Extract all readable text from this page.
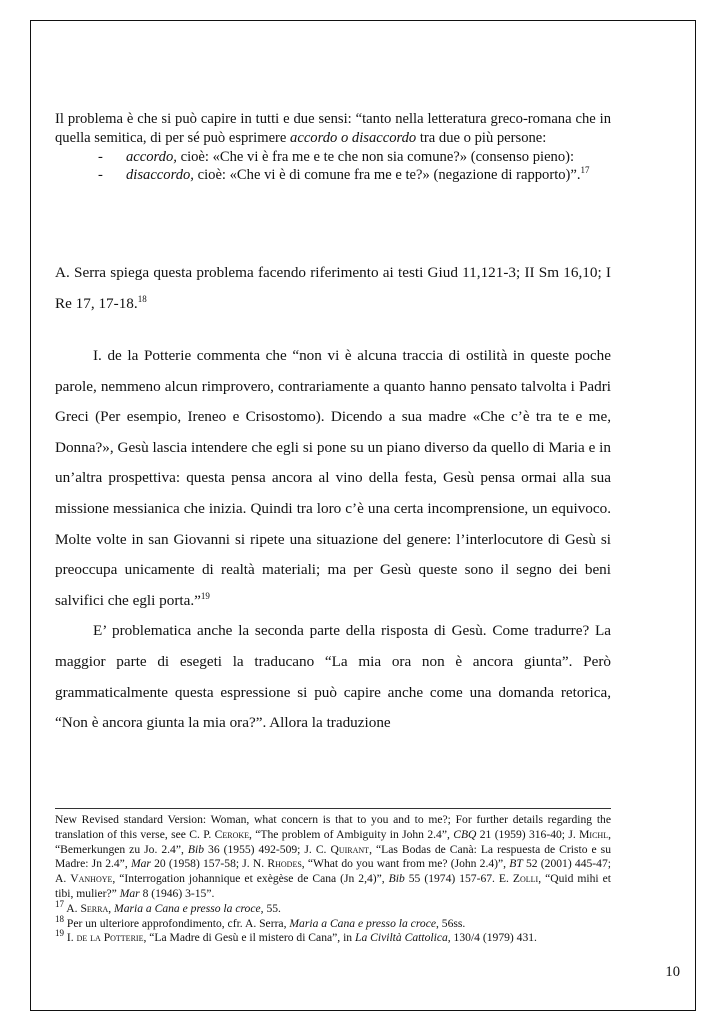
Il problema è che si può capire in tutti e due sensi: “tanto nella letteratura greco-romana che in quella semitica, di per sé può esprimere accordo o disaccordo tra due o più persone:

-	accordo, cioè: «Che vi è fra me e te che non sia comune?» (consenso pieno):
-	disaccordo, cioè: «Che vi è di comune fra me e te?» (negazione di rapporto)”.$^{17}$
A. Serra spiega questa problema facendo riferimento ai testi Giud 11,121-3; II Sm 16,10; I Re 17, 17-18.18

I. de la Potterie commenta che “non vi è alcuna traccia di ostilità in queste poche parole, nemmeno alcun rimprovero, contrariamente a quanto hanno pensato talvolta i Padri Greci (Per esempio, Ireneo e Crisostomo). Dicendo a sua madre «Che c’è tra te e me, Donna?», Gesù lascia intendere che egli si pone su un piano diverso da quello di Maria e in un’altra prospettiva: questa pensa ancora al vino della festa, Gesù pensa ormai alla sua missione messianica che inizia. Quindi tra loro c’è una certa incomprensione, un equivoco. Molte volte in san Giovanni si ripete una situazione del genere: l’interlocutore di Gesù si preoccupa unicamente di realtà materiali; ma per Gesù queste sono il segno dei beni salvifici che egli porta.”$^{19}$

E’ problematica anche la seconda parte della risposta di Gesù. Come tradurre? La maggior parte di esegeti la traducano “La mia ora non è ancora giunta”. Però grammaticalmente questa espressione si può capire anche come una domanda retorica, “Non è ancora giunta la mia ora?”. Allora la traduzione

New Revised standard Version: Woman, what concern is that to you and to me?; For further details regarding the translation of this verse, see C. P. Ceroke, “The problem of Ambiguity in John 2.4”, CBQ 21 (1959) 316-40; J. Michl, “Bemerkungen zu Jo. 2.4”, Bib 36 (1955) 492-509; J. C. Quirant, “Las Bodas de Canà: La respuesta de Cristo e su Madre: Jn 2.4”, Mar 20 (1958) 157-58; J. N. Rhodes, “What do you want from me? (John 2.4)”, BT 52 (2001) 445-47; A. Vanhoye, “Interrogation johannique et exègèse de Cana (Jn 2,4)”, Bib 55 (1974) 157-67. E. Zolli, “Quid mihi et tibi, mulier?” Mar 8 (1946) 3-15”.

$^{17}$ A. Serra, Maria a Cana e presso la croce, 55.

$^{18}$ Per un ulteriore approfondimento, cfr. A. Serra, Maria a Cana e presso la croce, 56ss.

$^{19}$ I. de la Potterie, “La Madre di Gesù e il mistero di Cana”, in La Civiltà Cattolica, 130/4 (1979) 431.

10
